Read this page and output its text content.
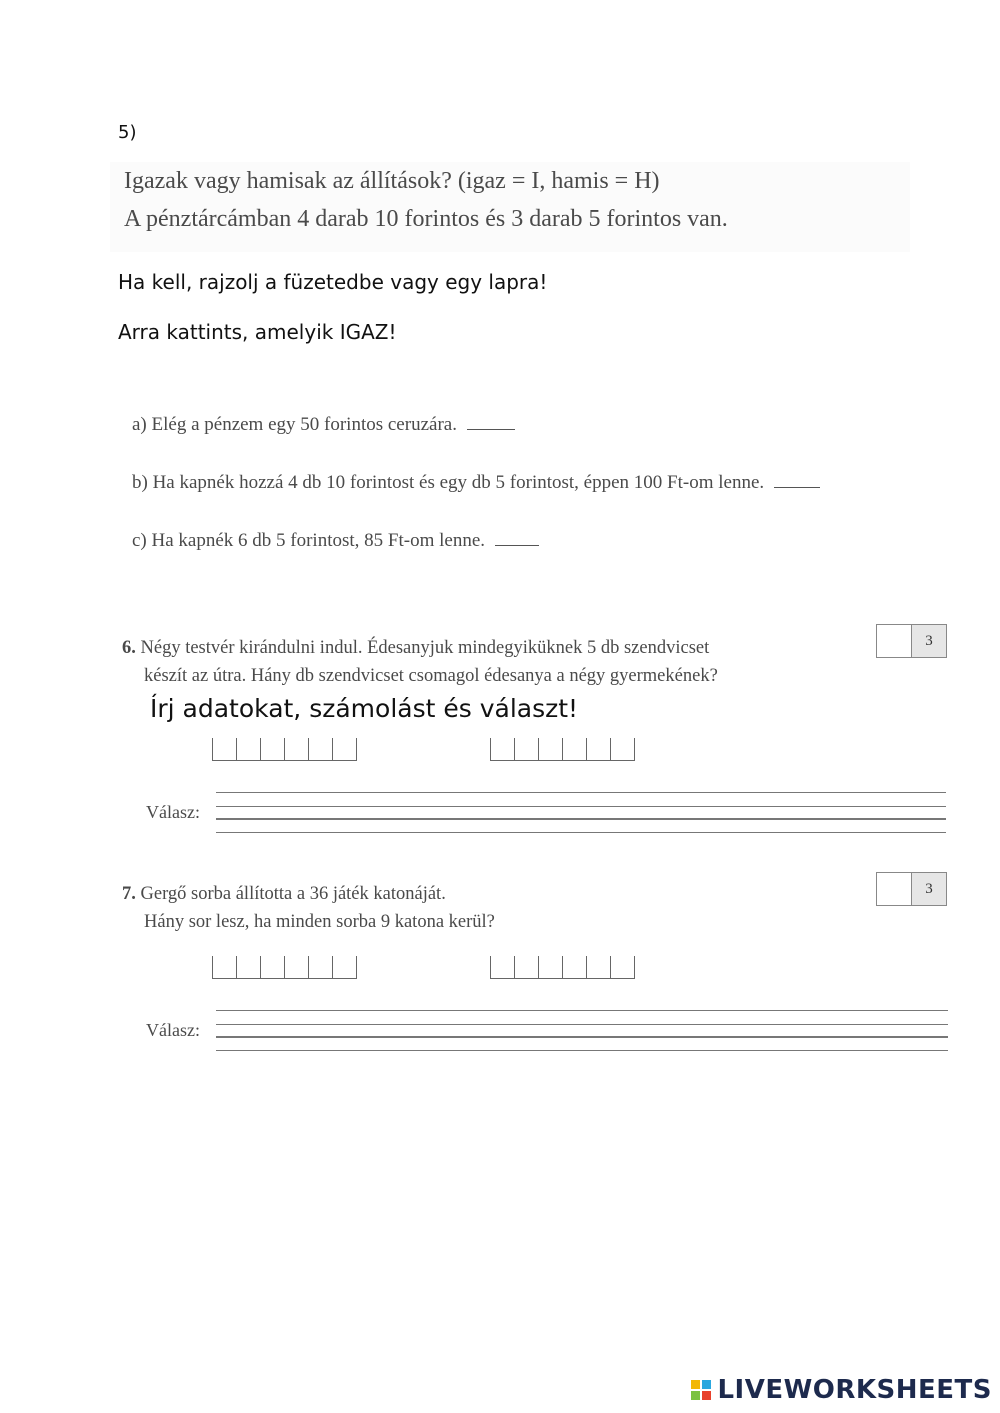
5)
Igazak vagy hamisak az állítások? (igaz = I, hamis = H)
A pénztárcámban 4 darab 10 forintos és 3 darab 5 forintos van.
Ha kell, rajzolj a füzetedbe vagy egy lapra!
Arra kattints, amelyik IGAZ!
a) Elég a pénzem egy 50 forintos ceruzára.
b) Ha kapnék hozzá 4 db 10 forintost és egy db 5 forintost, éppen 100 Ft-om lenne.
c) Ha kapnék 6 db 5 forintost, 85 Ft-om lenne.
6. Négy testvér kirándulni indul. Édesanyjuk mindegyiküknek 5 db szendvicset
készít az útra. Hány db szendvicset csomagol édesanya a négy gyermekének?
3
Írj adatokat, számolást és választ!
Válasz:
7. Gergő sorba állította a 36 játék katonáját.
Hány sor lesz, ha minden sorba 9 katona kerül?
3
Válasz:
LIVEWORKSHEETS
